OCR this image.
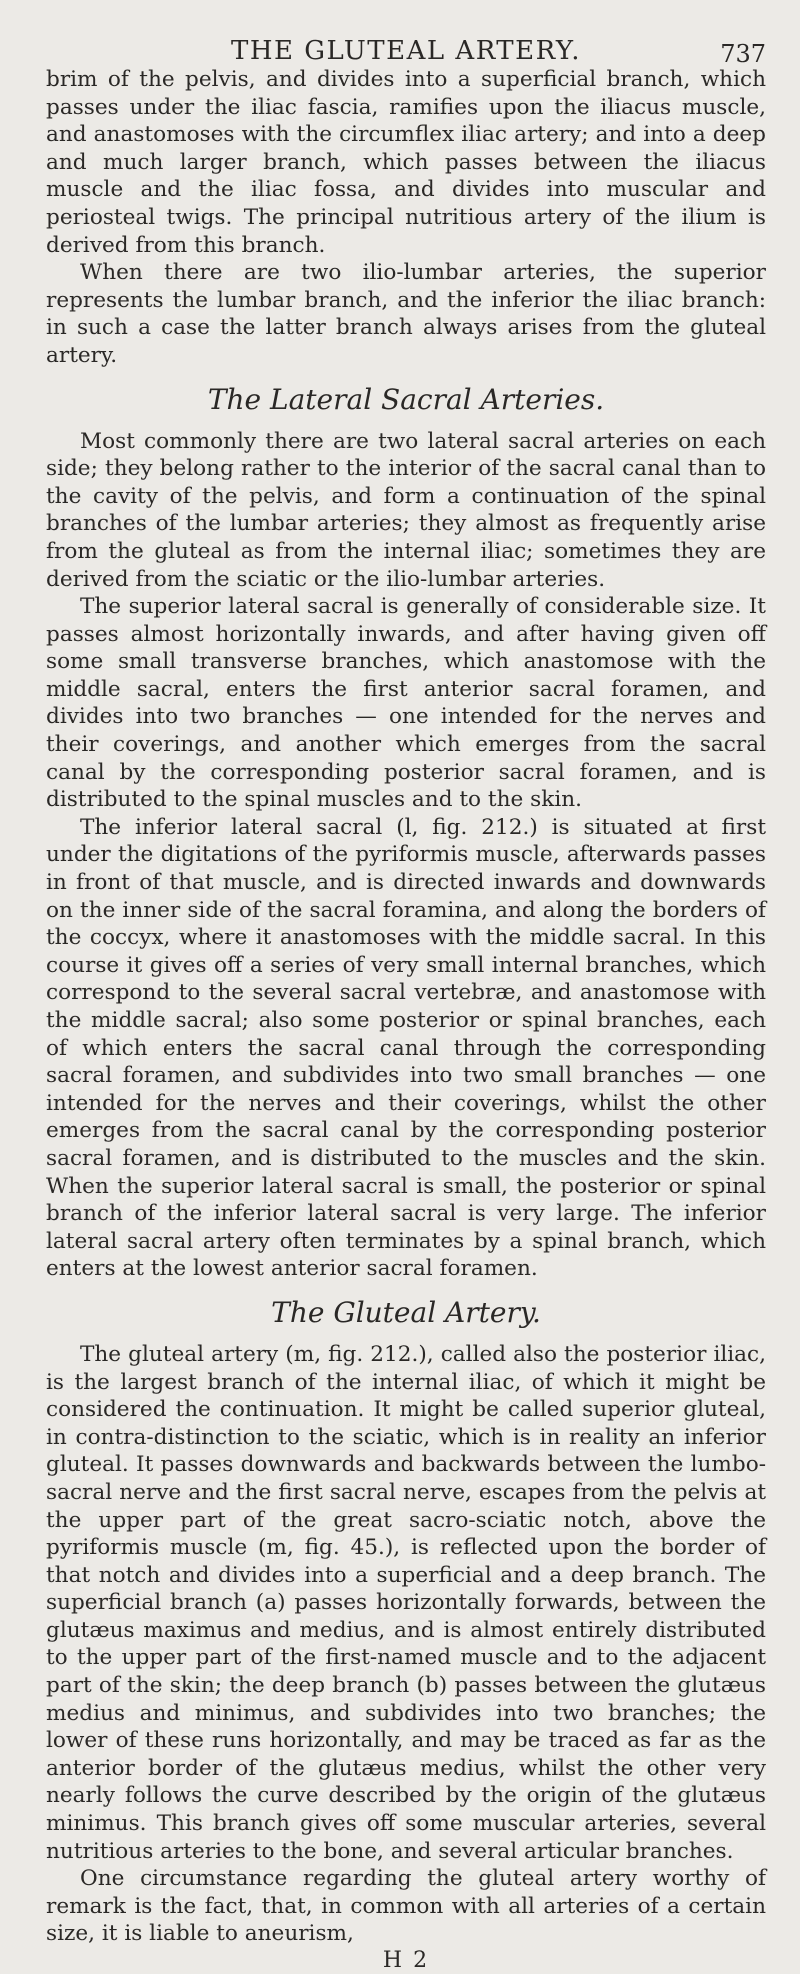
THE GLUTEAL ARTERY.	737

brim of the pelvis, and divides into a superficial branch, which passes under the iliac fascia, ramifies upon the iliacus muscle, and anastomoses with the circumflex iliac artery; and into a deep and much larger branch, which passes between the iliacus muscle and the iliac fossa, and divides into muscular and periosteal twigs. The principal nutritious artery of the ilium is derived from this branch.

When there are two ilio-lumbar arteries, the superior represents the lumbar branch, and the inferior the iliac branch: in such a case the latter branch always arises from the gluteal artery.

The Lateral Sacral Arteries.

Most commonly there are two lateral sacral arteries on each side; they belong rather to the interior of the sacral canal than to the cavity of the pelvis, and form a continuation of the spinal branches of the lumbar arteries; they almost as frequently arise from the gluteal as from the internal iliac; sometimes they are derived from the sciatic or the ilio-lumbar arteries.

The superior lateral sacral is generally of considerable size. It passes almost horizontally inwards, and after having given off some small transverse branches, which anastomose with the middle sacral, enters the first anterior sacral foramen, and divides into two branches — one intended for the nerves and their coverings, and another which emerges from the sacral canal by the corresponding posterior sacral foramen, and is distributed to the spinal muscles and to the skin.

The inferior lateral sacral (l, fig. 212.) is situated at first under the digitations of the pyriformis muscle, afterwards passes in front of that muscle, and is directed inwards and downwards on the inner side of the sacral foramina, and along the borders of the coccyx, where it anastomoses with the middle sacral. In this course it gives off a series of very small internal branches, which correspond to the several sacral vertebræ, and anastomose with the middle sacral; also some posterior or spinal branches, each of which enters the sacral canal through the corresponding sacral foramen, and subdivides into two small branches — one intended for the nerves and their coverings, whilst the other emerges from the sacral canal by the corresponding posterior sacral foramen, and is distributed to the muscles and the skin. When the superior lateral sacral is small, the posterior or spinal branch of the inferior lateral sacral is very large. The inferior lateral sacral artery often terminates by a spinal branch, which enters at the lowest anterior sacral foramen.

The Gluteal Artery.

The gluteal artery (m, fig. 212.), called also the posterior iliac, is the largest branch of the internal iliac, of which it might be considered the continuation. It might be called superior gluteal, in contra-distinction to the sciatic, which is in reality an inferior gluteal. It passes downwards and backwards between the lumbo-sacral nerve and the first sacral nerve, escapes from the pelvis at the upper part of the great sacro-sciatic notch, above the pyriformis muscle (m, fig. 45.), is reflected upon the border of that notch and divides into a superficial and a deep branch. The superficial branch (a) passes horizontally forwards, between the glutæus maximus and medius, and is almost entirely distributed to the upper part of the first-named muscle and to the adjacent part of the skin; the deep branch (b) passes between the glutæus medius and minimus, and subdivides into two branches; the lower of these runs horizontally, and may be traced as far as the anterior border of the glutæus medius, whilst the other very nearly follows the curve described by the origin of the glutæus minimus. This branch gives off some muscular arteries, several nutritious arteries to the bone, and several articular branches.

One circumstance regarding the gluteal artery worthy of remark is the fact, that, in common with all arteries of a certain size, it is liable to aneurism,

H 2
